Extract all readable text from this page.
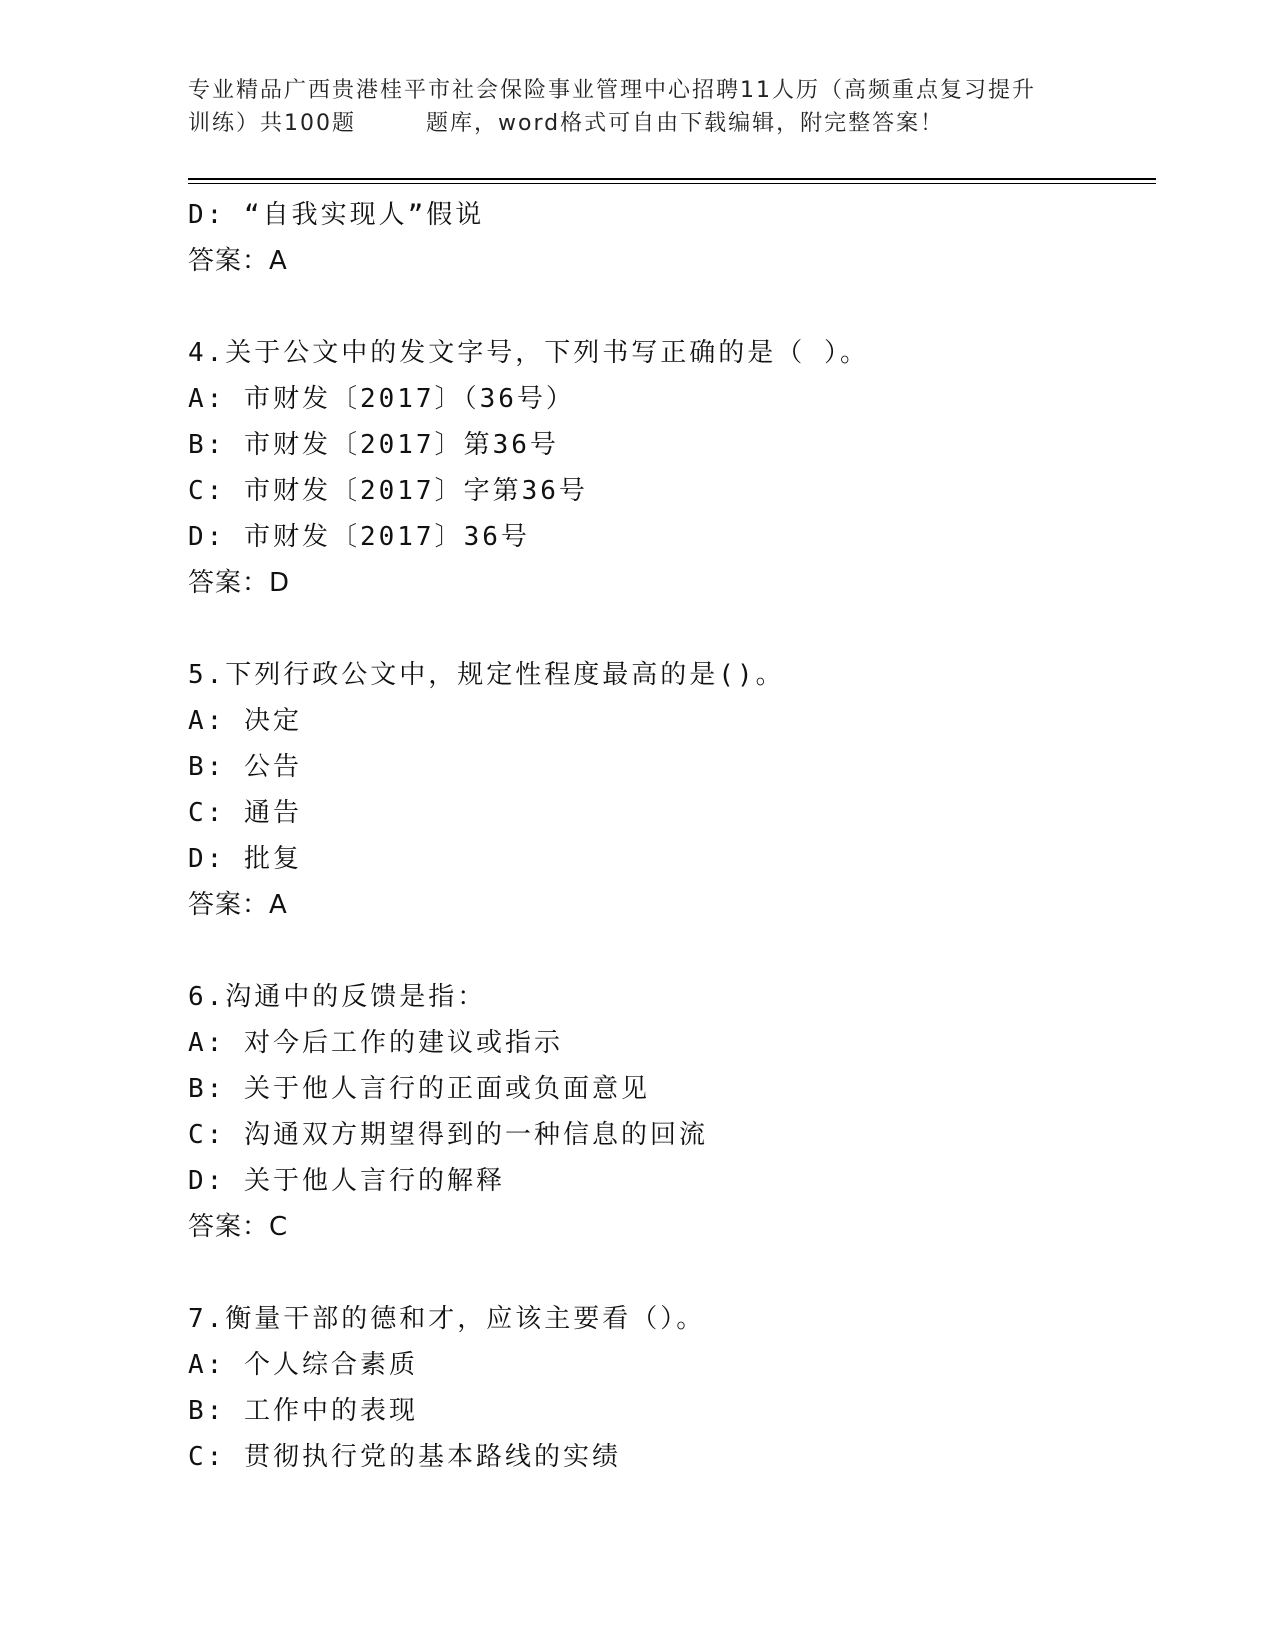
专业精品广西贵港桂平市社会保险事业管理中心招聘11人历（高频重点复习提升
训练）共100题	题库，word格式可自由下载编辑，附完整答案！
D: “自我实现人”假说
答案：A
4.关于公文中的发文字号，下列书写正确的是（ ）。
A: 市财发〔2017〕（36号）
B: 市财发〔2017〕第36号
C: 市财发〔2017〕字第36号
D: 市财发〔2017〕36号
答案：D
5.下列行政公文中，规定性程度最高的是()。
A: 决定
B: 公告
C: 通告
D: 批复
答案：A
6.沟通中的反馈是指：
A: 对今后工作的建议或指示
B: 关于他人言行的正面或负面意见
C: 沟通双方期望得到的一种信息的回流
D: 关于他人言行的解释
答案：C
7.衡量干部的德和才，应该主要看（）。
A: 个人综合素质
B: 工作中的表现
C: 贯彻执行党的基本路线的实绩
